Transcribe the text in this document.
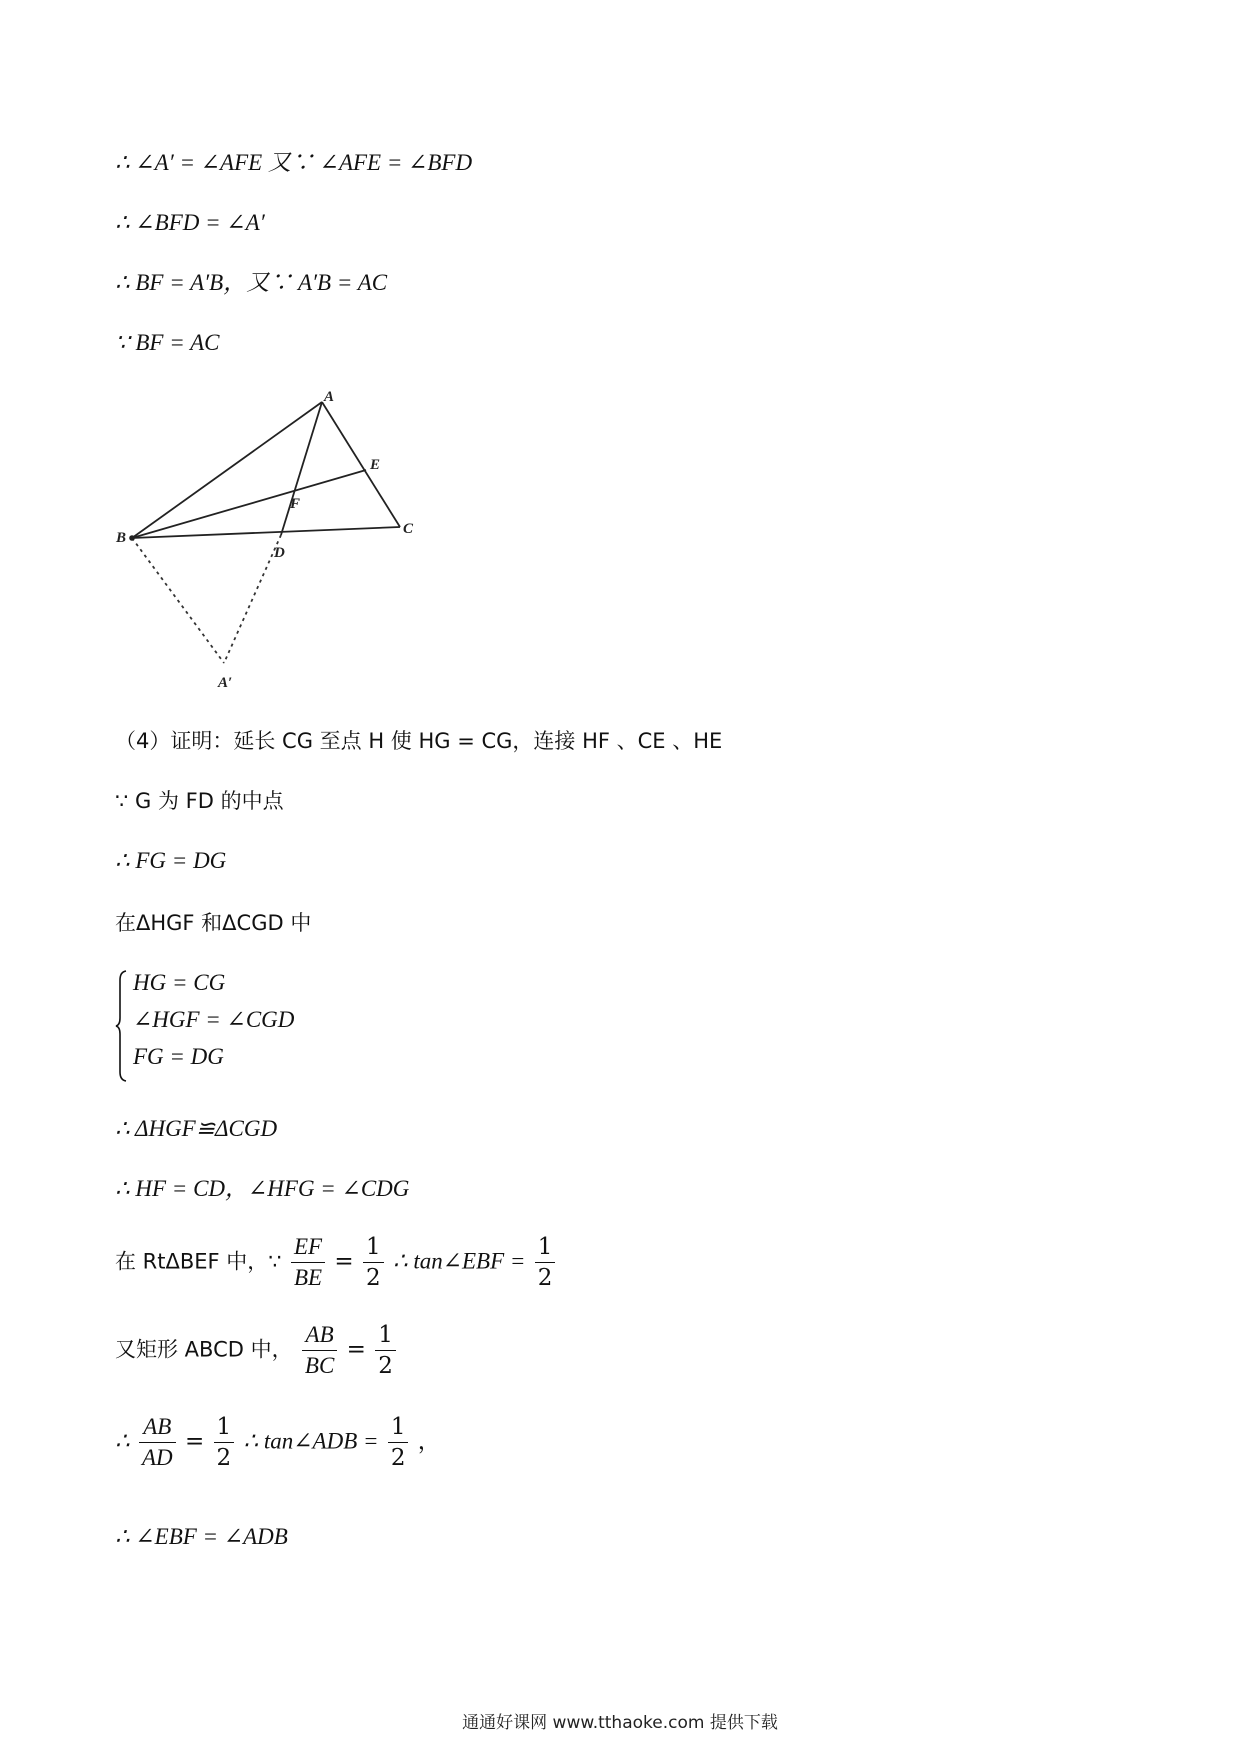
∴ ∠A′ = ∠AFE 又∵ ∠AFE = ∠BFD
∴ ∠BFD = ∠A′
∴ BF = A′B，又∵ A′B = AC
∵ BF = AC
A
B
C
D
E
F
A′
（4）证明：延长 CG 至点 H 使 HG = CG，连接 HF 、CE 、HE
∵ G 为 FD 的中点
∴ FG = DG
在ΔHGF 和ΔCGD 中
HG = CG
∠HGF = ∠CGD
FG = DG
∴ ΔHGF≌ΔCGD
∴ HF = CD，∠HFG = ∠CDG
在 RtΔBEF 中，∵ $\frac{EF}{BE} = \frac{1}{2}$ ∴ tan∠EBF = $\frac{1}{2}$
又矩形 ABCD 中， $\frac{AB}{BC} = \frac{1}{2}$
∴ $\frac{AB}{AD} = \frac{1}{2}$ ∴ tan∠ADB = $\frac{1}{2}$ ，
∴ ∠EBF = ∠ADB
通通好课网 www.tthaoke.com 提供下载
